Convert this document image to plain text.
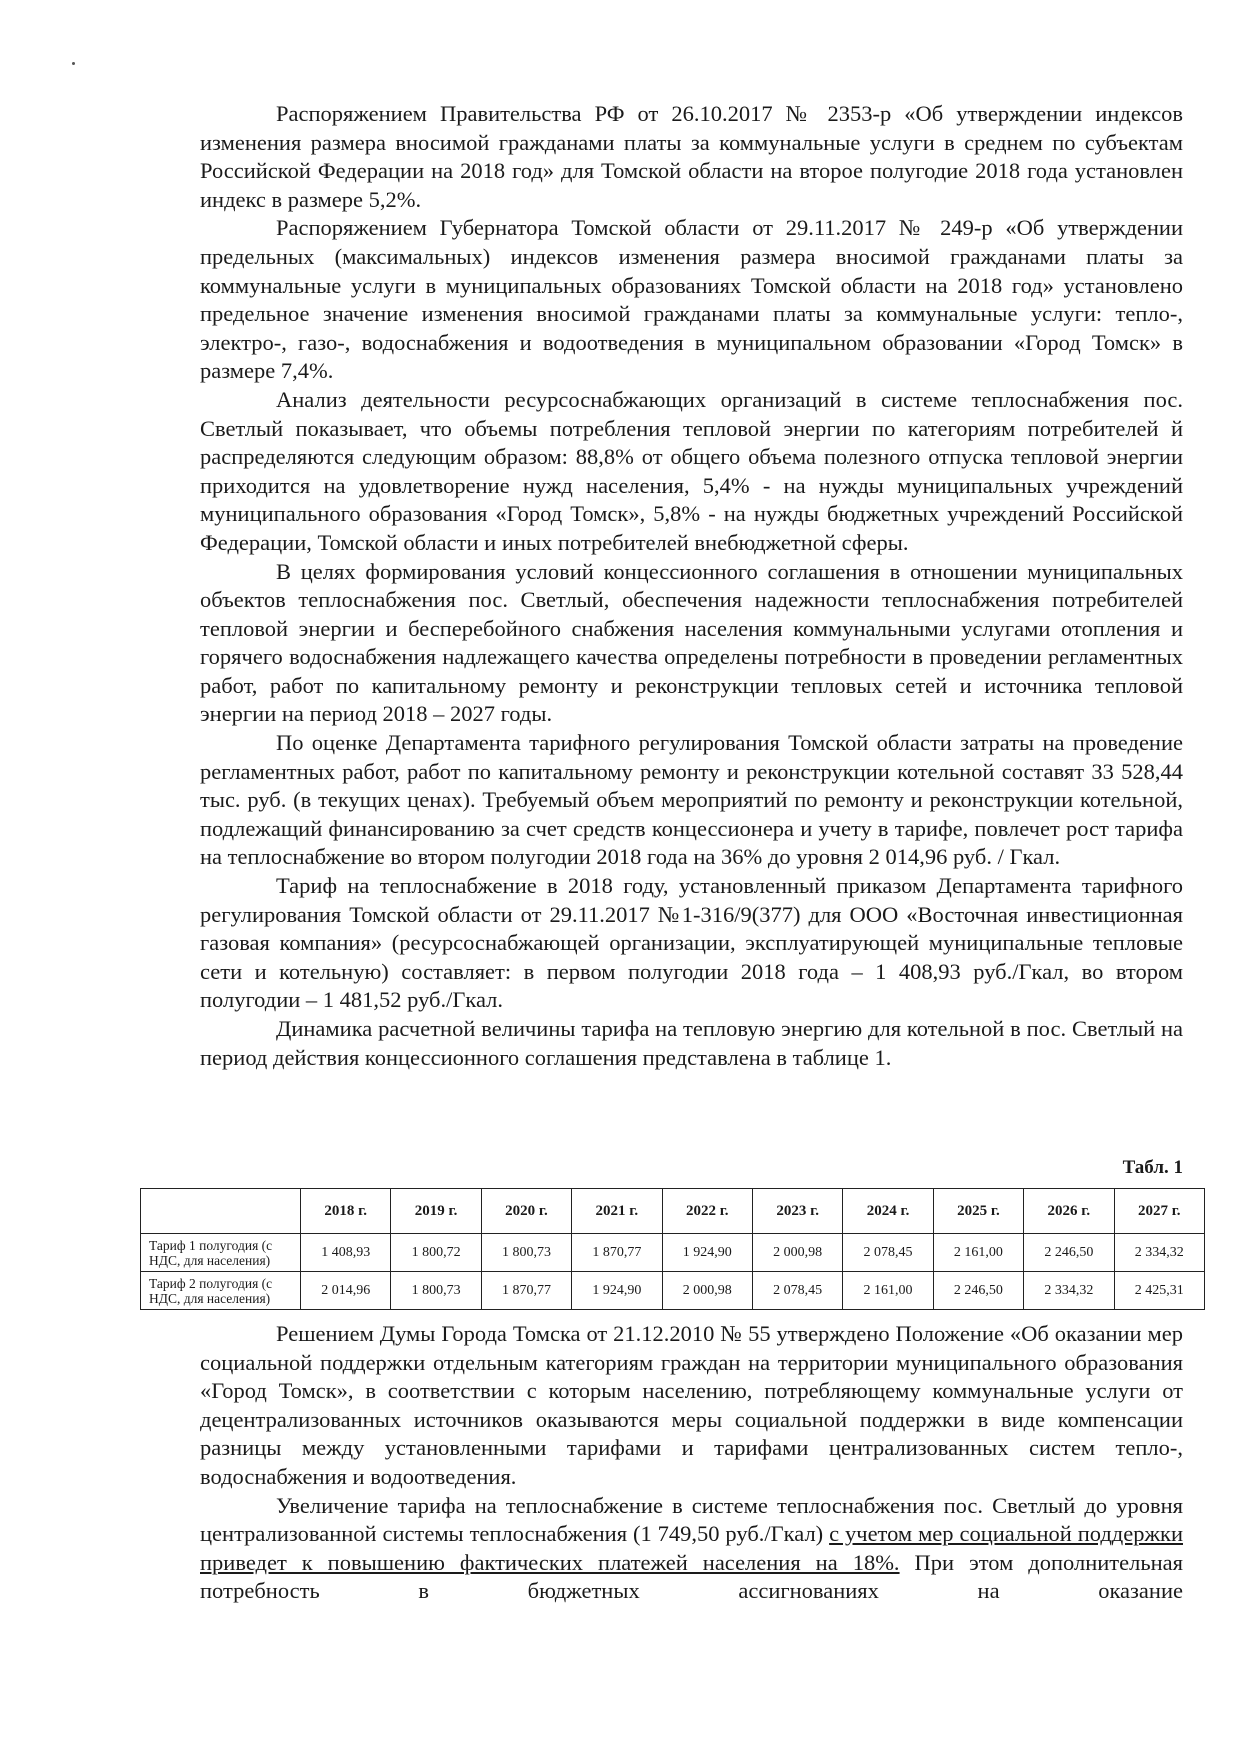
Распоряжением Правительства РФ от 26.10.2017 № 2353-р «Об утверждении индексов изменения размера вносимой гражданами платы за коммунальные услуги в среднем по субъектам Российской Федерации на 2018 год» для Томской области на второе полугодие 2018 года установлен индекс в размере 5,2%.

Распоряжением Губернатора Томской области от 29.11.2017 № 249-р «Об утверждении предельных (максимальных) индексов изменения размера вносимой гражданами платы за коммунальные услуги в муниципальных образованиях Томской области на 2018 год» установлено предельное значение изменения вносимой гражданами платы за коммунальные услуги: тепло-, электро-, газо-, водоснабжения и водоотведения в муниципальном образовании «Город Томск» в размере 7,4%.

Анализ деятельности ресурсоснабжающих организаций в системе теплоснабжения пос. Светлый показывает, что объемы потребления тепловой энергии по категориям потребителей й распределяются следующим образом: 88,8% от общего объема полезного отпуска тепловой энергии приходится на удовлетворение нужд населения, 5,4% - на нужды муниципальных учреждений муниципального образования «Город Томск», 5,8% - на нужды бюджетных учреждений Российской Федерации, Томской области и иных потребителей внебюджетной сферы.

В целях формирования условий концессионного соглашения в отношении муниципальных объектов теплоснабжения пос. Светлый, обеспечения надежности теплоснабжения потребителей тепловой энергии и бесперебойного снабжения населения коммунальными услугами отопления и горячего водоснабжения надлежащего качества определены потребности в проведении регламентных работ, работ по капитальному ремонту и реконструкции тепловых сетей и источника тепловой энергии на период 2018 – 2027 годы.

По оценке Департамента тарифного регулирования Томской области затраты на проведение регламентных работ, работ по капитальному ремонту и реконструкции котельной составят 33 528,44 тыс. руб. (в текущих ценах). Требуемый объем мероприятий по ремонту и реконструкции котельной, подлежащий финансированию за счет средств концессионера и учету в тарифе, повлечет рост тарифа на теплоснабжение во втором полугодии 2018 года на 36% до уровня 2 014,96 руб. / Гкал.

Тариф на теплоснабжение в 2018 году, установленный приказом Департамента тарифного регулирования Томской области от 29.11.2017 №1-316/9(377) для ООО «Восточная инвестиционная газовая компания» (ресурсоснабжающей организации, эксплуатирующей муниципальные тепловые сети и котельную) составляет: в первом полугодии 2018 года – 1 408,93 руб./Гкал, во втором полугодии – 1 481,52 руб./Гкал.

Динамика расчетной величины тарифа на тепловую энергию для котельной в пос. Светлый на период действия концессионного соглашения представлена в таблице 1.

Табл. 1
	2018 г.	2019 г.	2020 г.	2021 г.	2022 г.	2023 г.	2024 г.	2025 г.	2026 г.	2027 г.
Тариф 1 полугодия (с НДС, для населения)	1 408,93	1 800,72	1 800,73	1 870,77	1 924,90	2 000,98	2 078,45	2 161,00	2 246,50	2 334,32
Тариф 2 полугодия (с НДС, для населения)	2 014,96	1 800,73	1 870,77	1 924,90	2 000,98	2 078,45	2 161,00	2 246,50	2 334,32	2 425,31

Решением Думы Города Томска от 21.12.2010 № 55 утверждено Положение «Об оказании мер социальной поддержки отдельным категориям граждан на территории муниципального образования «Город Томск», в соответствии с которым населению, потребляющему коммунальные услуги от децентрализованных источников оказываются меры социальной поддержки в виде компенсации разницы между установленными тарифами и тарифами централизованных систем тепло-, водоснабжения и водоотведения.

Увеличение тарифа на теплоснабжение в системе теплоснабжения пос. Светлый до уровня централизованной системы теплоснабжения (1 749,50 руб./Гкал) с учетом мер социальной поддержки приведет к повышению фактических платежей населения на 18%. При этом дополнительная потребность в бюджетных ассигнованиях на оказание
